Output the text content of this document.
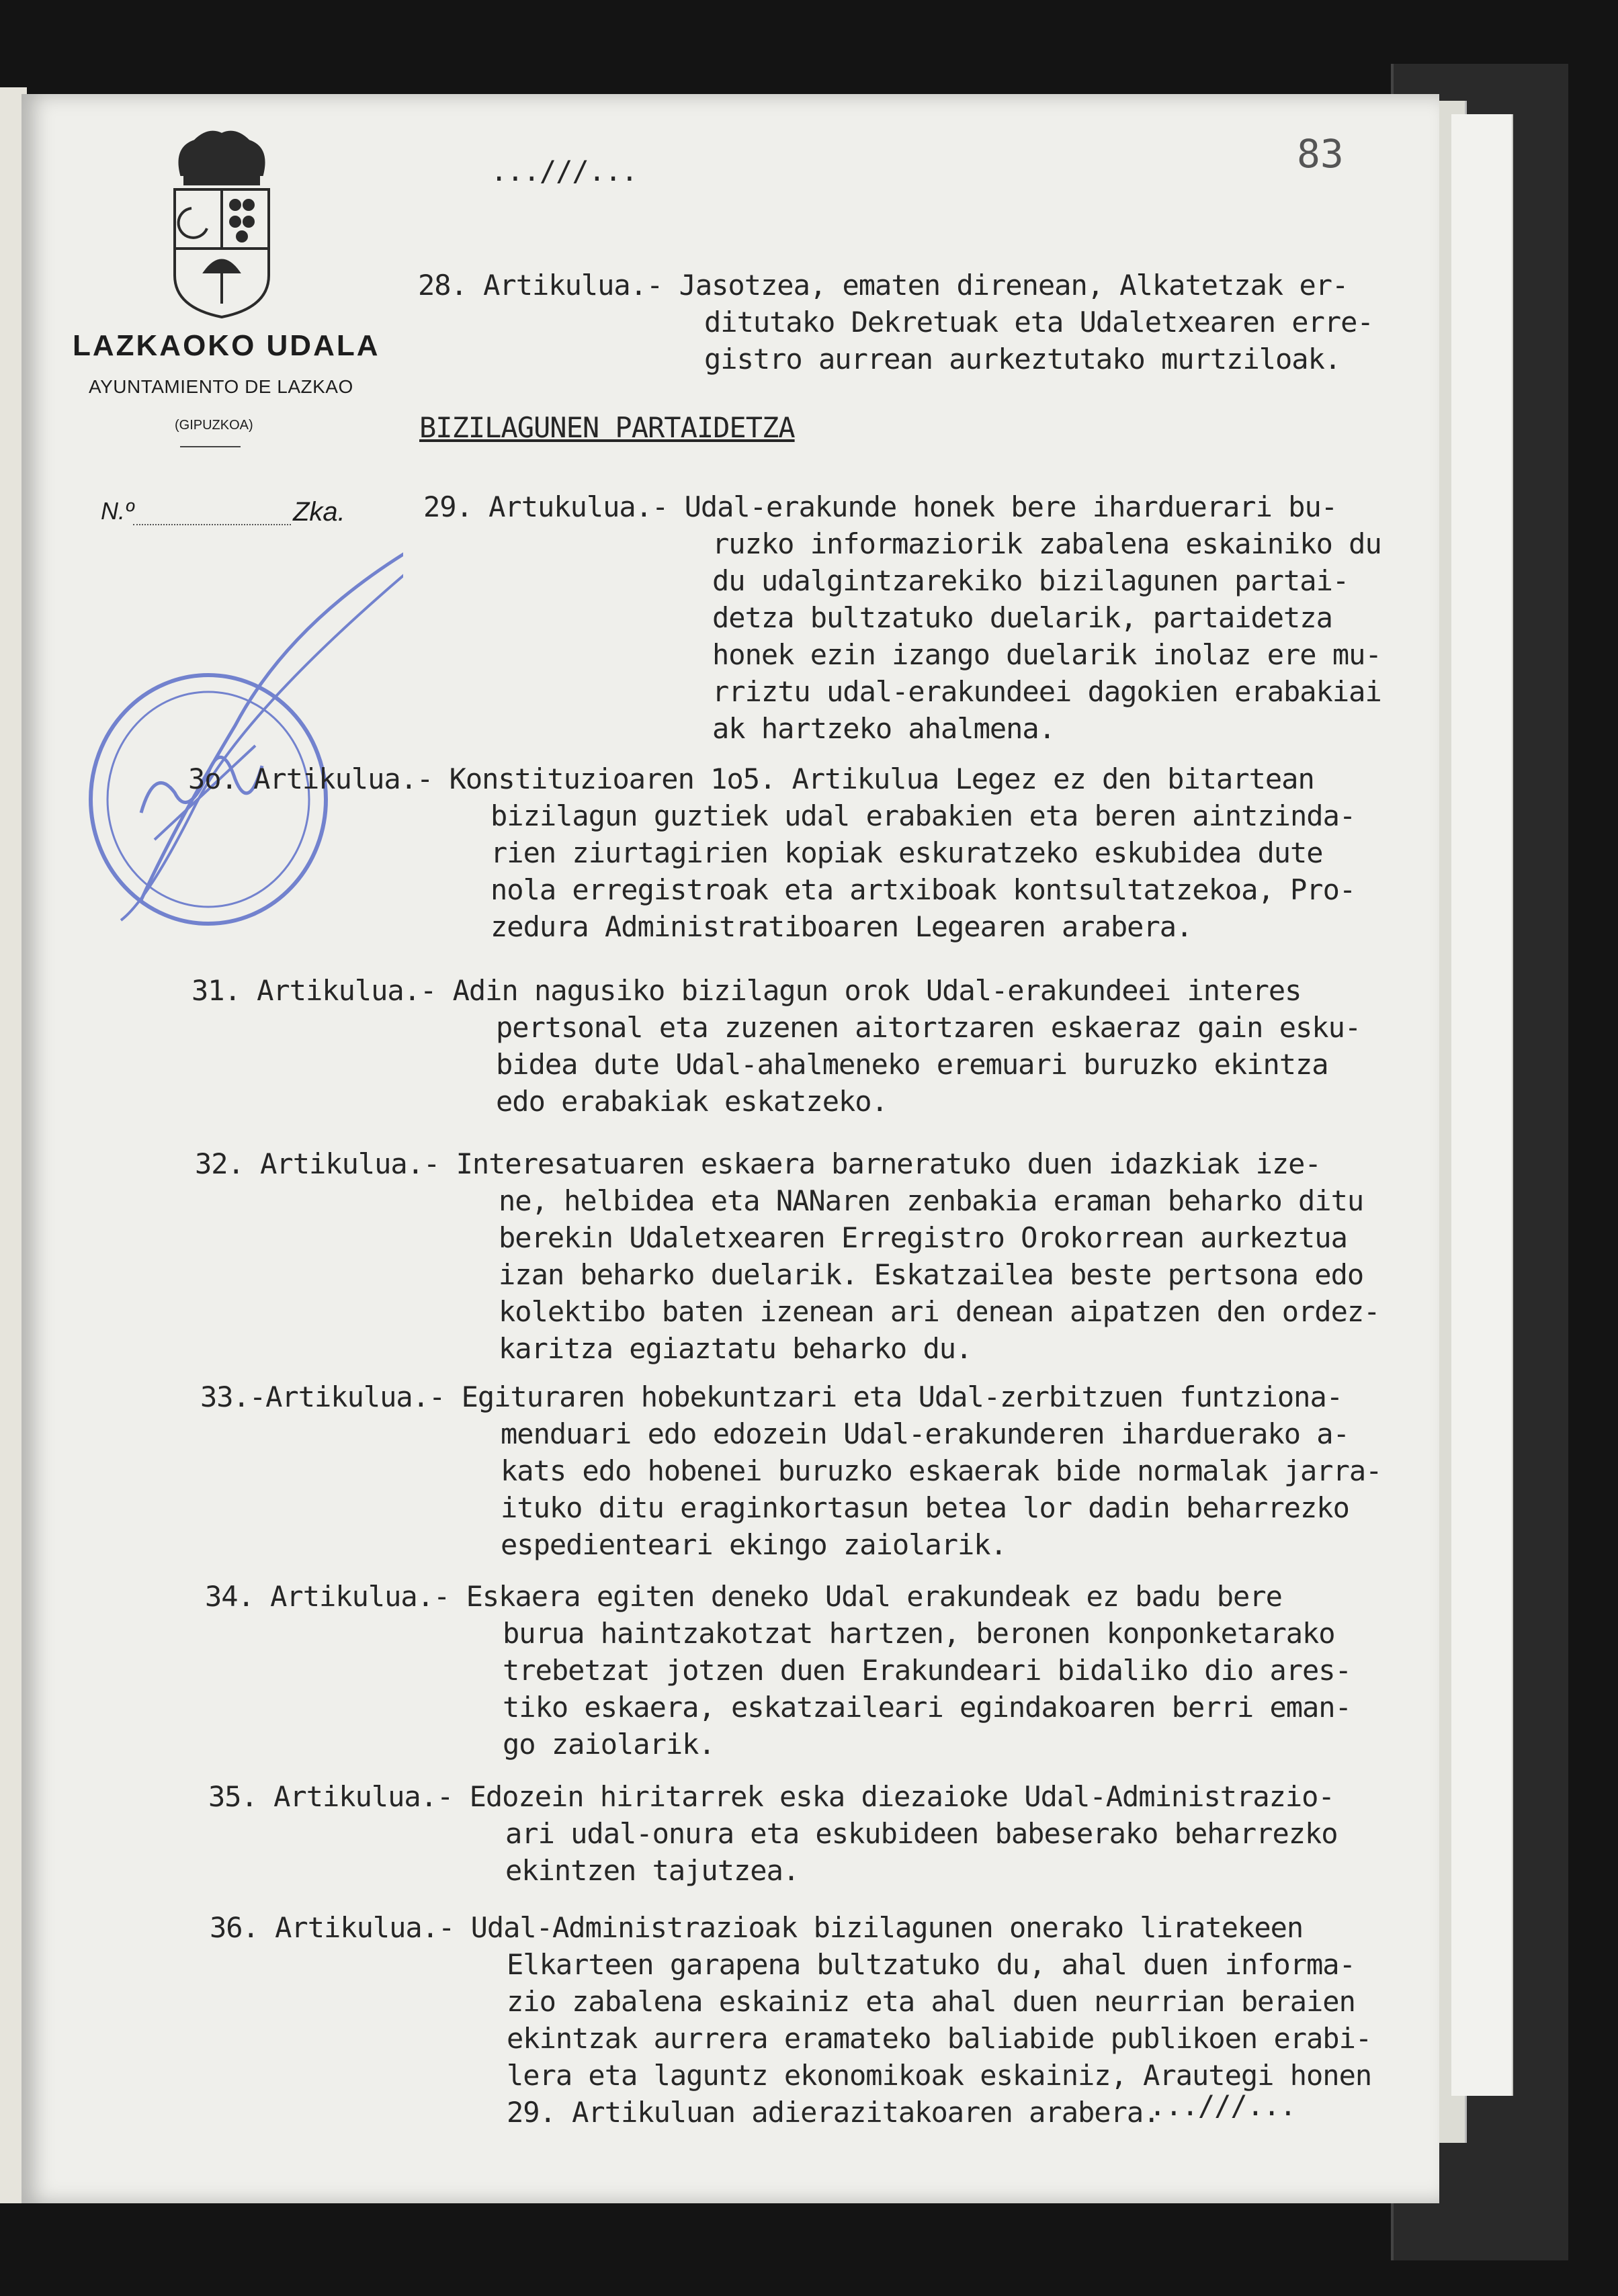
LAZKAOKO UDALA
AYUNTAMIENTO DE LAZKAO
(GIPUZKOA)
N.º	Zka.
83
...///...
28. Artikulua.- Jasotzea, ematen direnean, Alkatetzak er-
ditutako Dekretuak eta Udaletxearen erre-
gistro aurrean aurkeztutako murtziloak.
BIZILAGUNEN PARTAIDETZA
29. Artukulua.- Udal-erakunde honek bere iharduerari bu-
ruzko informaziorik zabalena eskainiko du
du udalgintzarekiko bizilagunen partai-
detza bultzatuko duelarik, partaidetza
honek ezin izango duelarik inolaz ere mu-
rriztu udal-erakundeei dagokien erabakiai
ak hartzeko ahalmena.
3o. Artikulua.- Konstituzioaren 1o5. Artikulua Legez ez den bitartean
bizilagun guztiek udal erabakien eta beren aintzinda-
rien ziurtagirien kopiak eskuratzeko eskubidea dute
nola erregistroak eta artxiboak kontsultatzekoa, Pro-
zedura Administratiboaren Legearen arabera.
31. Artikulua.- Adin nagusiko bizilagun orok Udal-erakundeei interes
pertsonal eta zuzenen aitortzaren eskaeraz gain esku-
bidea dute Udal-ahalmeneko eremuari buruzko ekintza
edo erabakiak eskatzeko.
32. Artikulua.- Interesatuaren eskaera barneratuko duen idazkiak ize-
ne, helbidea eta NANaren zenbakia eraman beharko ditu
berekin Udaletxearen Erregistro Orokorrean aurkeztua
izan beharko duelarik. Eskatzailea beste pertsona edo
kolektibo baten izenean ari denean aipatzen den ordez-
karitza egiaztatu beharko du.
33.-Artikulua.- Egituraren hobekuntzari eta Udal-zerbitzuen funtziona-
menduari edo edozein Udal-erakunderen iharduerako a-
kats edo hobenei buruzko eskaerak bide normalak jarra-
ituko ditu eraginkortasun betea lor dadin beharrezko
espedienteari ekingo zaiolarik.
34. Artikulua.- Eskaera egiten deneko Udal erakundeak ez badu bere
burua haintzakotzat hartzen, beronen konponketarako
trebetzat jotzen duen Erakundeari bidaliko dio ares-
tiko eskaera, eskatzaileari egindakoaren berri eman-
go zaiolarik.
35. Artikulua.- Edozein hiritarrek eska diezaioke Udal-Administrazio-
ari udal-onura eta eskubideen babeserako beharrezko
ekintzen tajutzea.
36. Artikulua.- Udal-Administrazioak bizilagunen onerako liratekeen
Elkarteen garapena bultzatuko du, ahal duen informa-
zio zabalena eskainiz eta ahal duen neurrian beraien
ekintzak aurrera eramateko baliabide publikoen erabi-
lera eta laguntz ekonomikoak eskainiz, Arautegi honen
29. Artikuluan adierazitakoaren arabera.
...///...
